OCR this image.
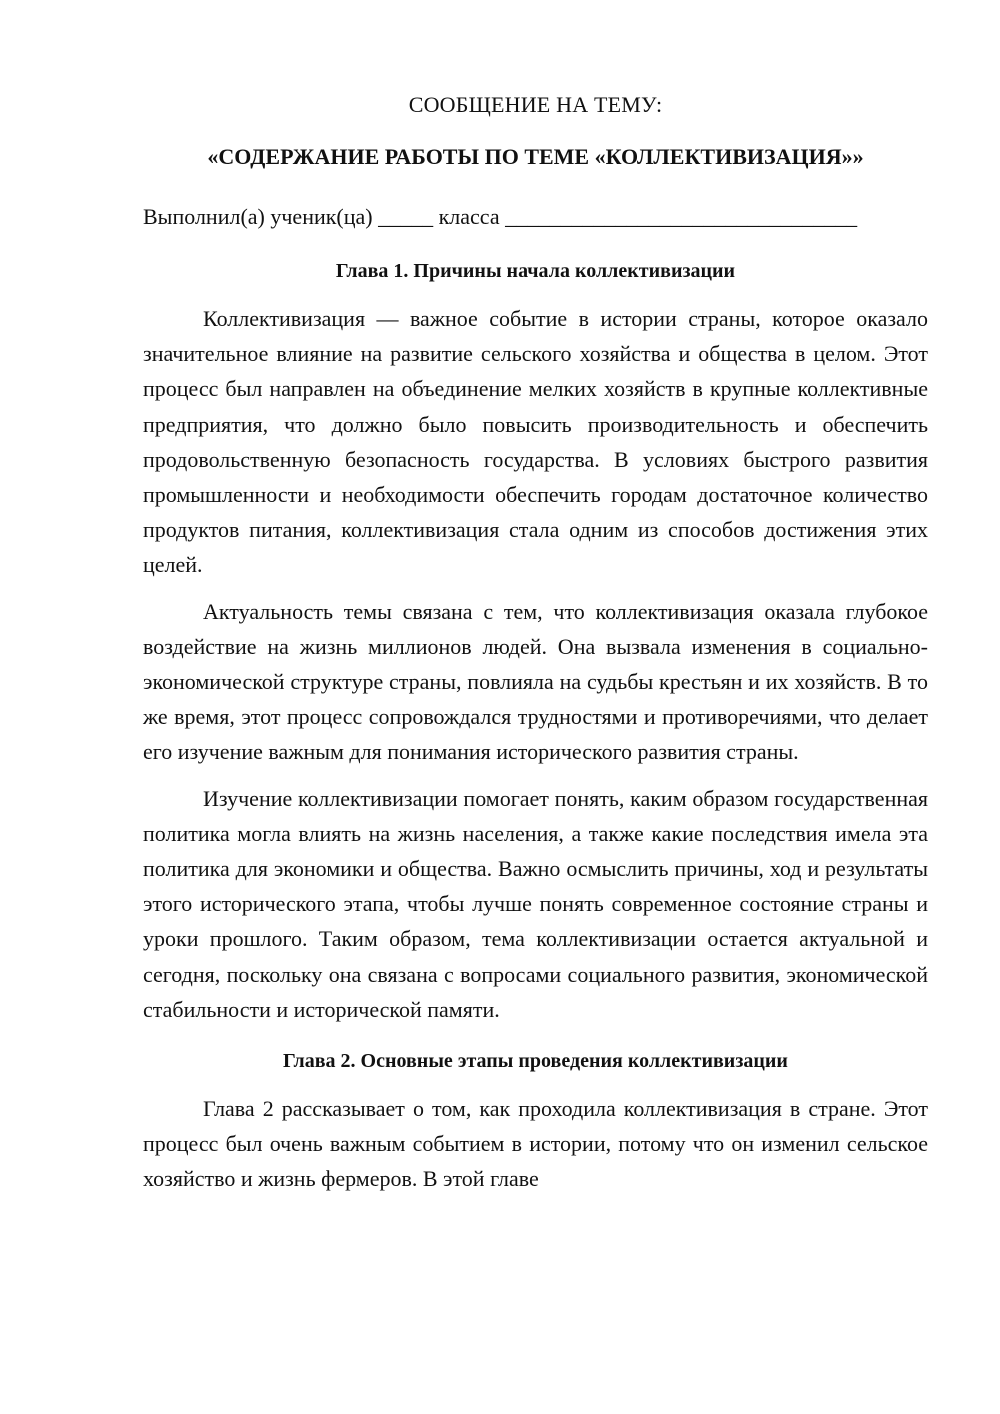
СООБЩЕНИЕ НА ТЕМУ:

«СОДЕРЖАНИЕ РАБОТЫ ПО ТЕМЕ «КОЛЛЕКТИВИЗАЦИЯ»»

Выполнил(а) ученик(ца) _____ класса ________________________________
Глава 1. Причины начала коллективизации

Коллективизация — важное событие в истории страны, которое оказало значительное влияние на развитие сельского хозяйства и общества в целом. Этот процесс был направлен на объединение мелких хозяйств в крупные коллективные предприятия, что должно было повысить производительность и обеспечить продовольственную безопасность государства. В условиях быстрого развития промышленности и необходимости обеспечить городам достаточное количество продуктов питания, коллективизация стала одним из способов достижения этих целей.

Актуальность темы связана с тем, что коллективизация оказала глубокое воздействие на жизнь миллионов людей. Она вызвала изменения в социально-экономической структуре страны, повлияла на судьбы крестьян и их хозяйств. В то же время, этот процесс сопровождался трудностями и противоречиями, что делает его изучение важным для понимания исторического развития страны.

Изучение коллективизации помогает понять, каким образом государственная политика могла влиять на жизнь населения, а также какие последствия имела эта политика для экономики и общества. Важно осмыслить причины, ход и результаты этого исторического этапа, чтобы лучше понять современное состояние страны и уроки прошлого. Таким образом, тема коллективизации остается актуальной и сегодня, поскольку она связана с вопросами социального развития, экономической стабильности и исторической памяти.

Глава 2. Основные этапы проведения коллективизации

Глава 2 рассказывает о том, как проходила коллективизация в стране. Этот процесс был очень важным событием в истории, потому что он изменил сельское хозяйство и жизнь фермеров. В этой главе
